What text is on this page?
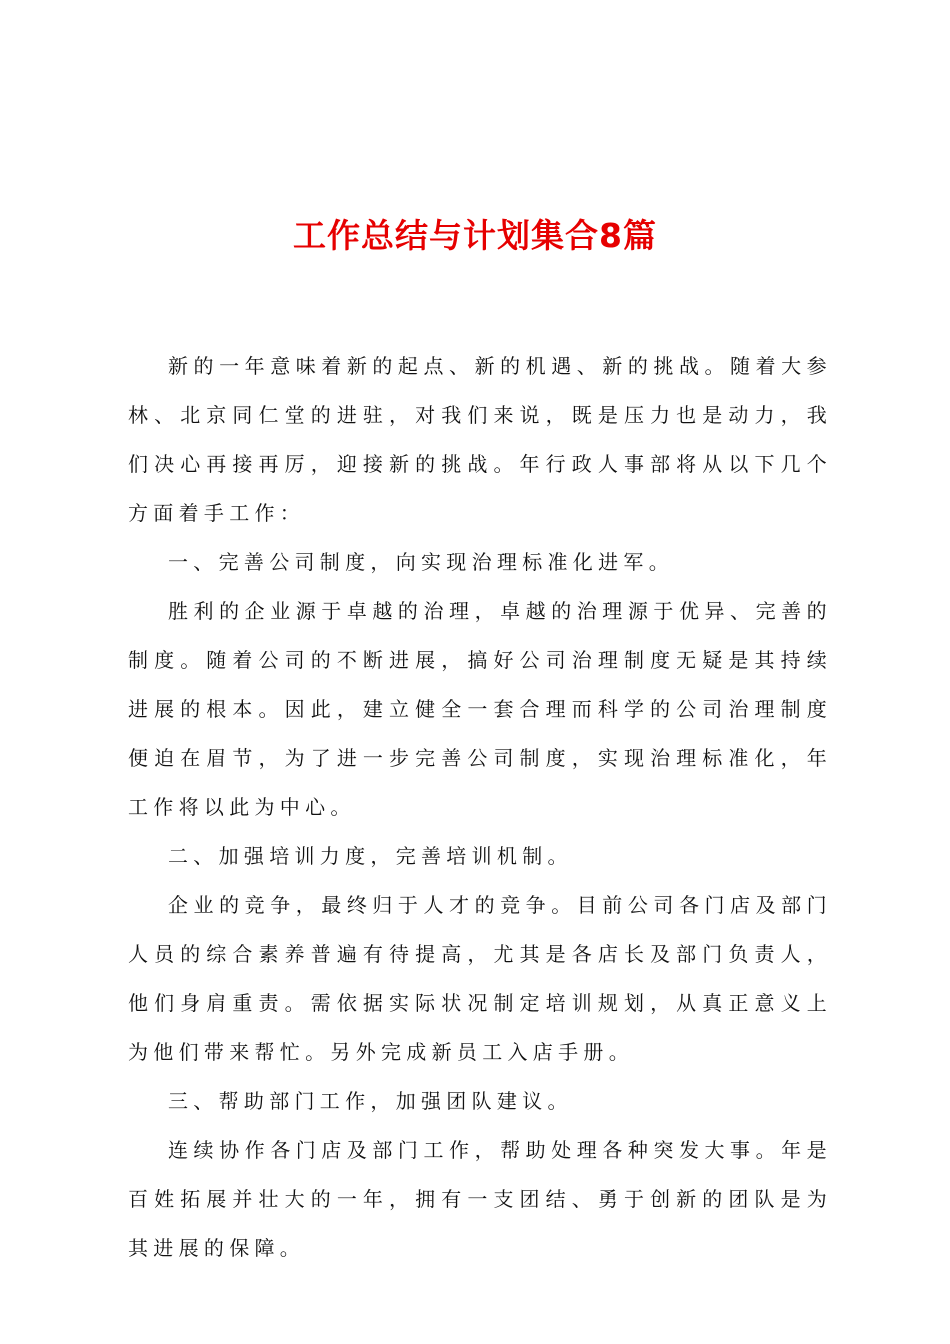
工作总结与计划集合8篇

新的一年意味着新的起点、新的机遇、新的挑战。随着大参林、北京同仁堂的进驻，对我们来说，既是压力也是动力，我们决心再接再厉，迎接新的挑战。年行政人事部将从以下几个方面着手工作：

一、完善公司制度，向实现治理标准化进军。

胜利的企业源于卓越的治理，卓越的治理源于优异、完善的制度。随着公司的不断进展，搞好公司治理制度无疑是其持续进展的根本。因此，建立健全一套合理而科学的公司治理制度便迫在眉节，为了进一步完善公司制度，实现治理标准化，年工作将以此为中心。

二、加强培训力度，完善培训机制。

企业的竞争，最终归于人才的竞争。目前公司各门店及部门人员的综合素养普遍有待提高，尤其是各店长及部门负责人，他们身肩重责。需依据实际状况制定培训规划，从真正意义上为他们带来帮忙。另外完成新员工入店手册。

三、帮助部门工作，加强团队建议。

连续协作各门店及部门工作，帮助处理各种突发大事。年是百姓拓展并壮大的一年，拥有一支团结、勇于创新的团队是为其进展的保障。
